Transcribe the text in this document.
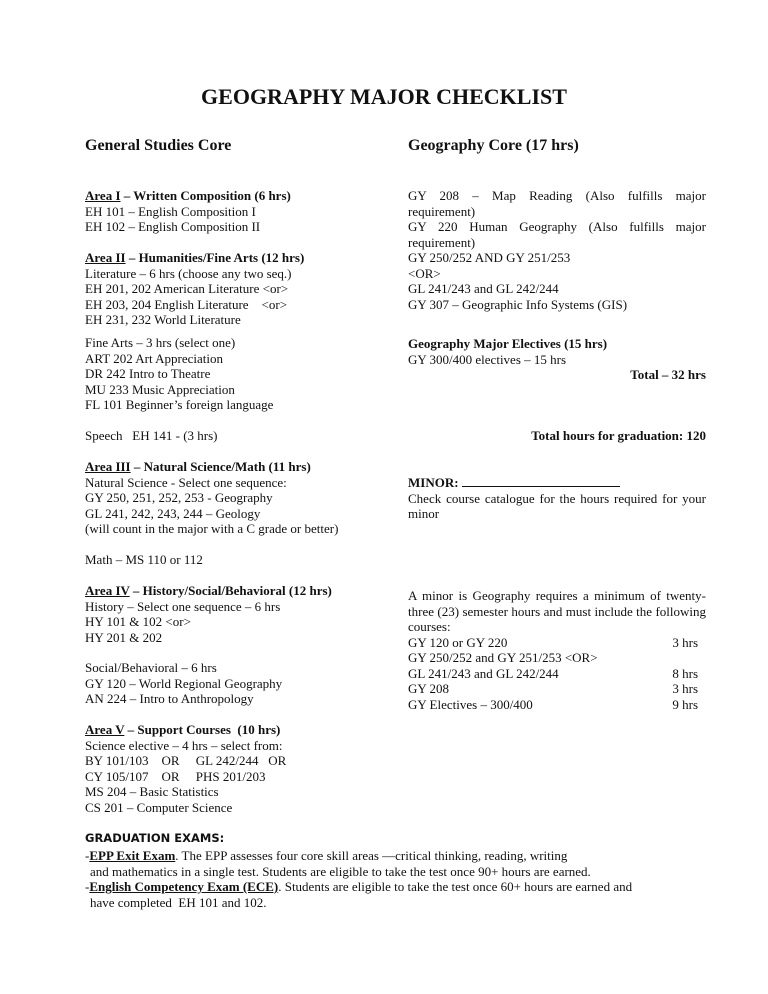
GEOGRAPHY MAJOR CHECKLIST
General Studies Core	Geography Core (17 hrs)
Area I – Written Composition (6 hrs)
EH 101 – English Composition I
EH 102 – English Composition II
Area II – Humanities/Fine Arts (12 hrs)
Literature – 6 hrs (choose any two seq.)
EH 201, 202 American Literature <or>
EH 203, 204 English Literature    <or>
EH 231, 232 World Literature
Fine Arts – 3 hrs (select one)
ART 202 Art Appreciation
DR 242 Intro to Theatre
MU 233 Music Appreciation
FL 101 Beginner’s foreign language
Speech   EH 141 - (3 hrs)
Area III – Natural Science/Math (11 hrs)
Natural Science - Select one sequence:
GY 250, 251, 252, 253 - Geography
GL 241, 242, 243, 244 – Geology
(will count in the major with a C grade or better)
Math – MS 110 or 112
Area IV – History/Social/Behavioral (12 hrs)
History – Select one sequence – 6 hrs
HY 101 & 102 <or>
HY 201 & 202
Social/Behavioral – 6 hrs
GY 120 – World Regional Geography
AN 224 – Intro to Anthropology
Area V – Support Courses  (10 hrs)
Science elective – 4 hrs – select from:
BY 101/103    OR     GL 242/244   OR
CY 105/107    OR     PHS 201/203
MS 204 – Basic Statistics
CS 201 – Computer Science
GY 208 – Map Reading (Also fulfills major requirement)
GY 220 Human Geography (Also fulfills major requirement)
GY 250/252 AND GY 251/253
<OR>
GL 241/243 and GL 242/244
GY 307 – Geographic Info Systems (GIS)
Geography Major Electives (15 hrs)
GY 300/400 electives – 15 hrs
Total – 32 hrs
Total hours for graduation: 120
MINOR:
Check course catalogue for the hours required for your minor
A minor is Geography requires a minimum of twenty-three (23) semester hours and must include the following courses:
GY 120 or GY 220	3 hrs
GY 250/252 and GY 251/253 <OR>
GL 241/243 and GL 242/244	8 hrs
GY 208	3 hrs
GY Electives – 300/400	9 hrs
GRADUATION EXAMS:
-EPP Exit Exam. The EPP assesses four core skill areas —critical thinking, reading, writing
and mathematics in a single test. Students are eligible to take the test once 90+ hours are earned.
-English Competency Exam (ECE). Students are eligible to take the test once 60+ hours are earned and
have completed  EH 101 and 102.
